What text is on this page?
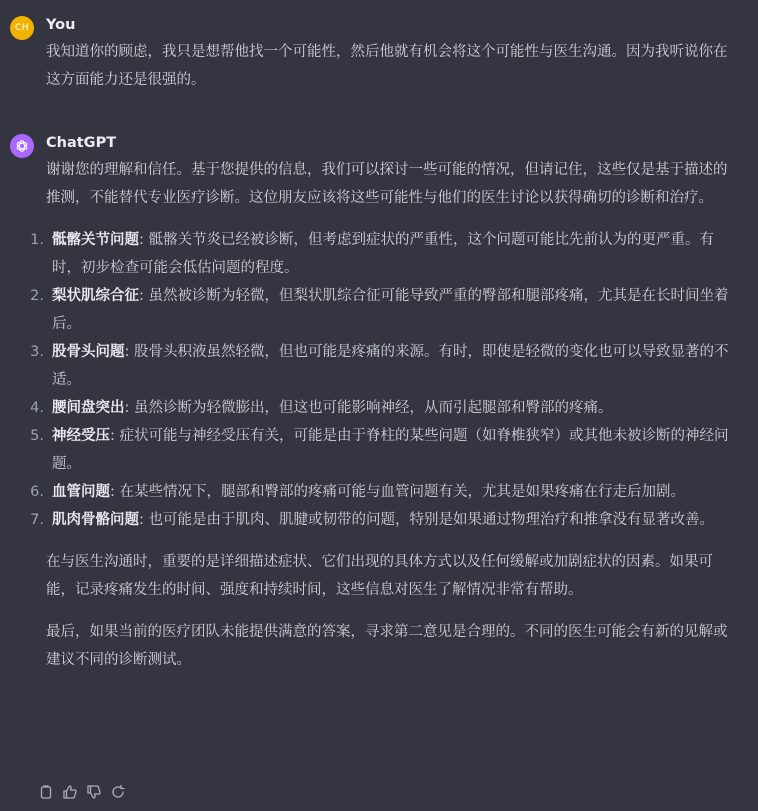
CH You

我知道你的顾虑，我只是想帮他找一个可能性，然后他就有机会将这个可能性与医生沟通。因为我听说你在这方面能力还是很强的。

ChatGPT

谢谢您的理解和信任。基于您提供的信息，我们可以探讨一些可能的情况，但请记住，这些仅是基于描述的推测，不能替代专业医疗诊断。这位朋友应该将这些可能性与他们的医生讨论以获得确切的诊断和治疗。

1. 骶髂关节问题: 骶髂关节炎已经被诊断，但考虑到症状的严重性，这个问题可能比先前认为的更严重。有时，初步检查可能会低估问题的程度。
2. 梨状肌综合征: 虽然被诊断为轻微，但梨状肌综合征可能导致严重的臀部和腿部疼痛，尤其是在长时间坐着后。
3. 股骨头问题: 股骨头积液虽然轻微，但也可能是疼痛的来源。有时，即使是轻微的变化也可以导致显著的不适。
4. 腰间盘突出: 虽然诊断为轻微膨出，但这也可能影响神经，从而引起腿部和臀部的疼痛。
5. 神经受压: 症状可能与神经受压有关，可能是由于脊柱的某些问题（如脊椎狭窄）或其他未被诊断的神经问题。
6. 血管问题: 在某些情况下，腿部和臀部的疼痛可能与血管问题有关，尤其是如果疼痛在行走后加剧。
7. 肌肉骨骼问题: 也可能是由于肌肉、肌腱或韧带的问题，特别是如果通过物理治疗和推拿没有显著改善。

在与医生沟通时，重要的是详细描述症状、它们出现的具体方式以及任何缓解或加剧症状的因素。如果可能，记录疼痛发生的时间、强度和持续时间，这些信息对医生了解情况非常有帮助。

最后，如果当前的医疗团队未能提供满意的答案，寻求第二意见是合理的。不同的医生可能会有新的见解或建议不同的诊断测试。
